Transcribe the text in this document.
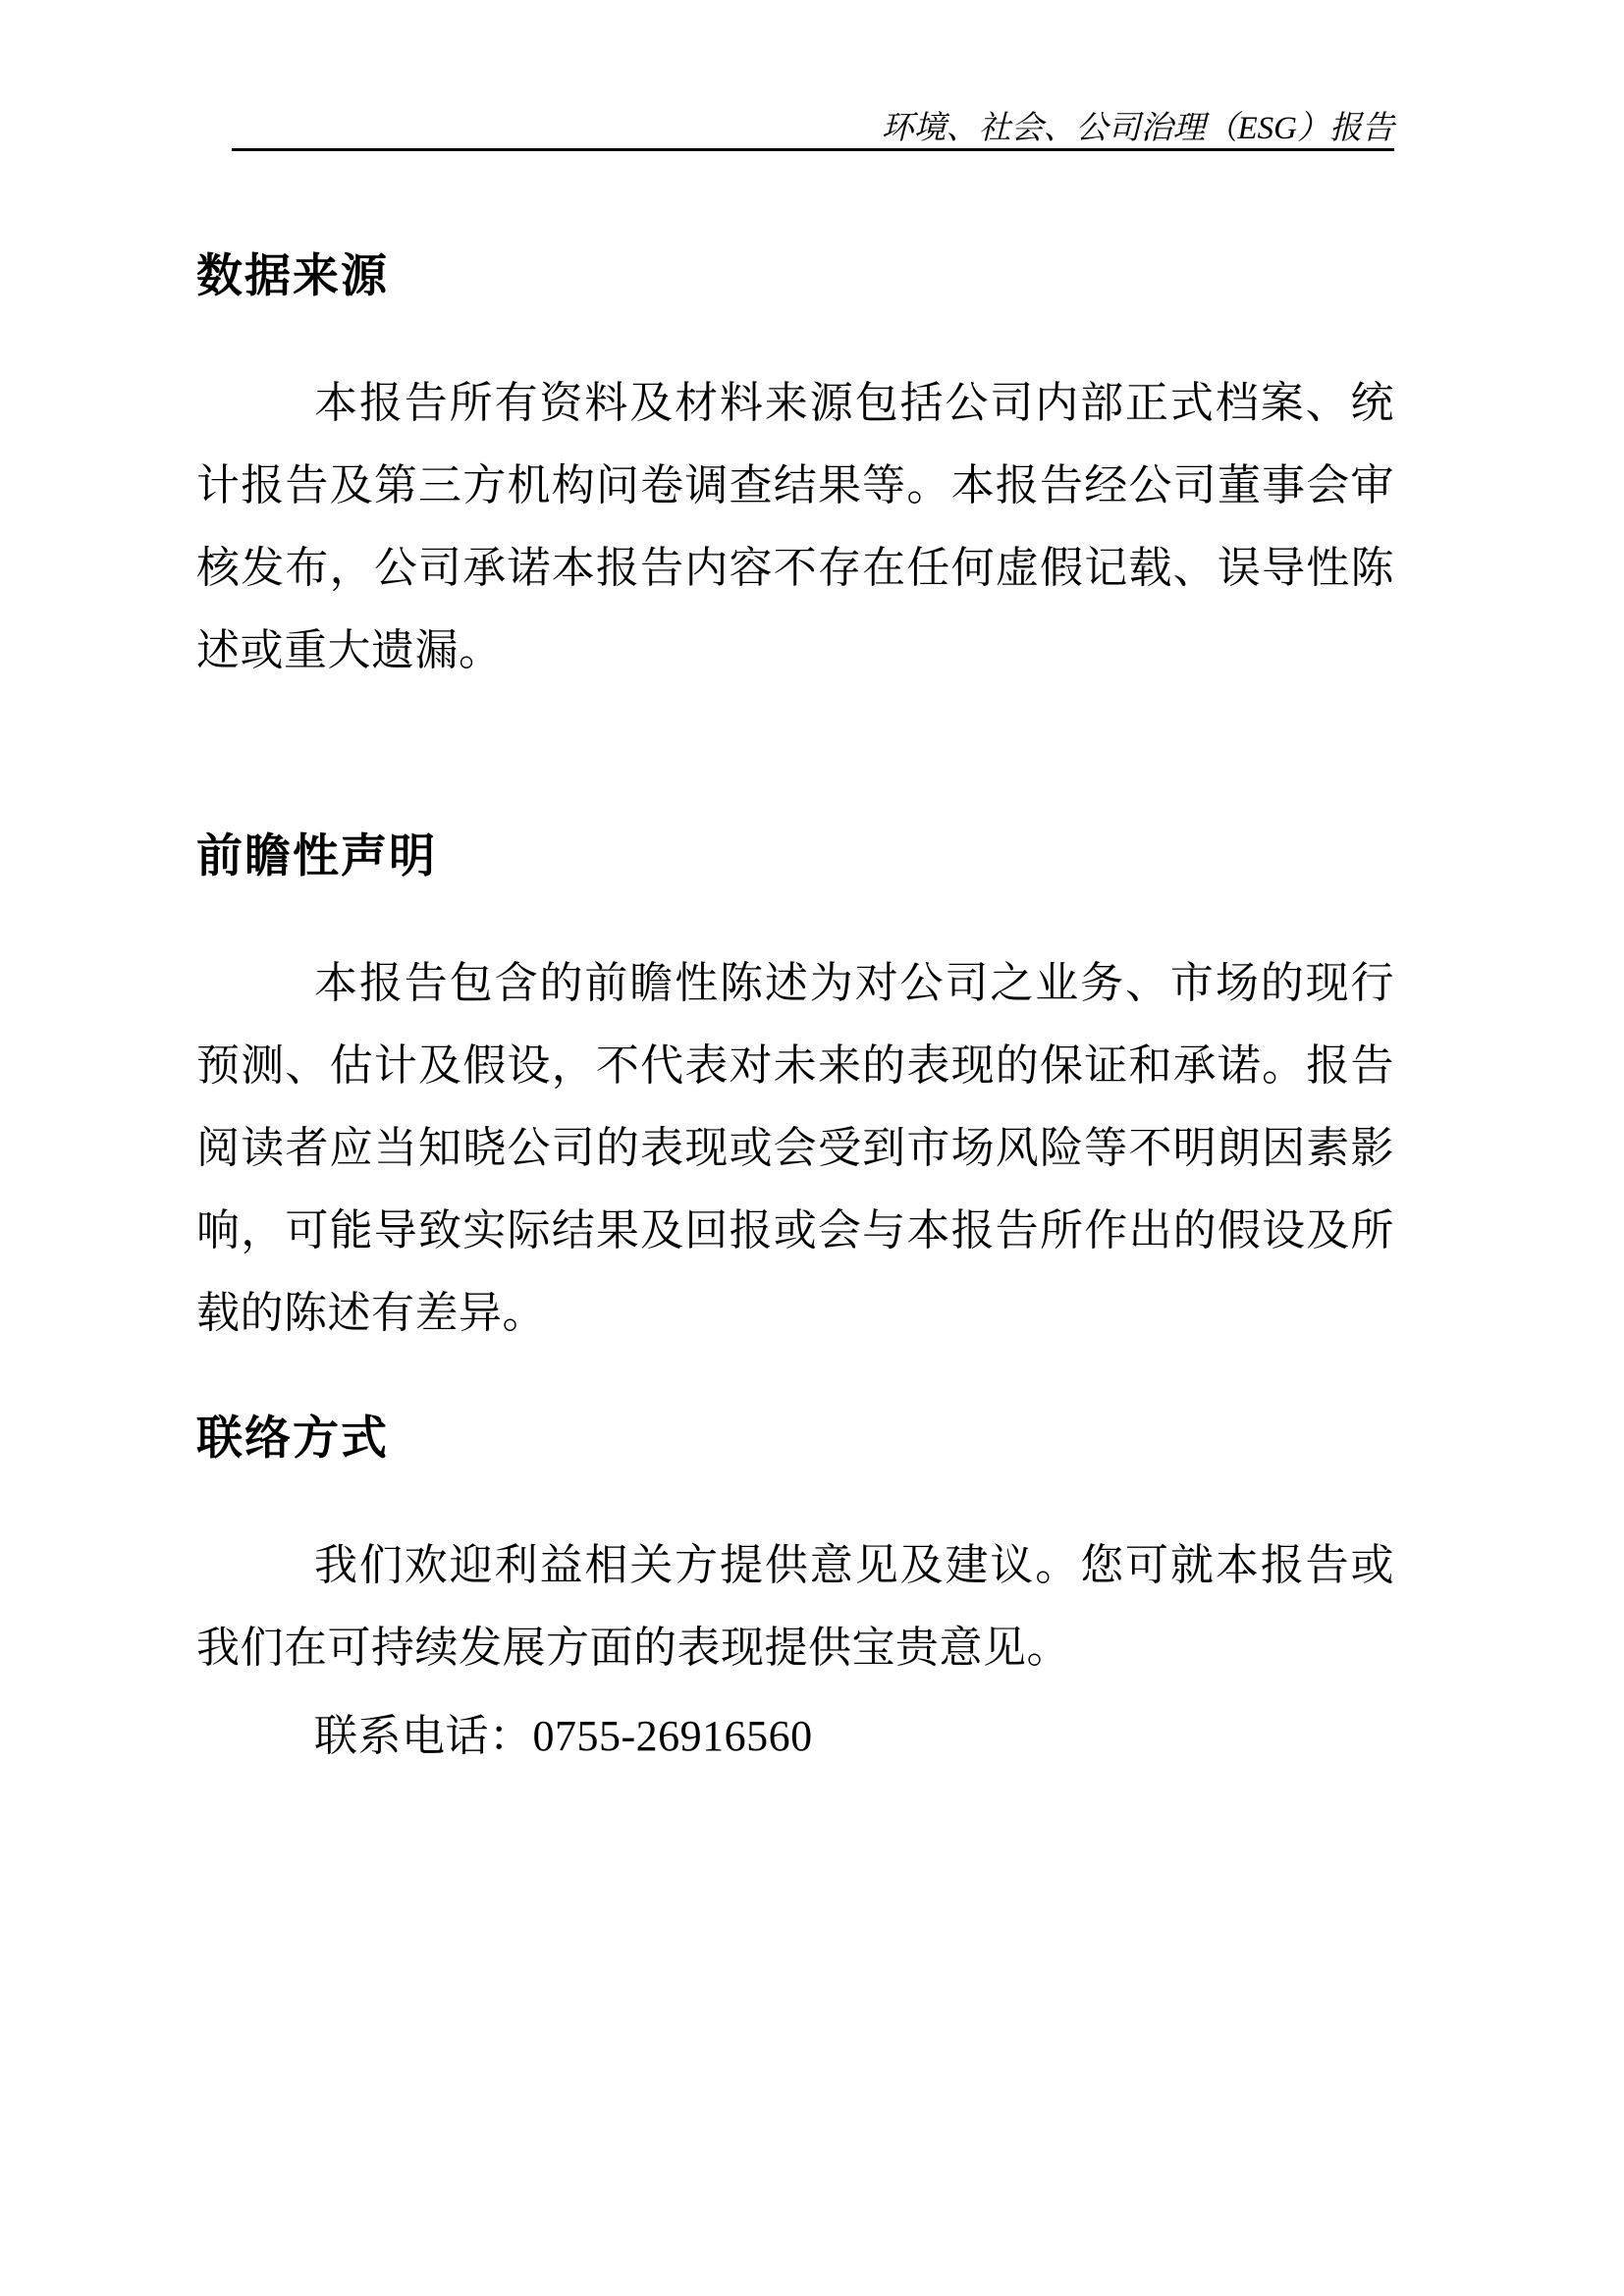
环境、社会、公司治理（ESG）报告
数据来源

本报告所有资料及材料来源包括公司内部正式档案、统计报告及第三方机构问卷调查结果等。本报告经公司董事会审核发布，公司承诺本报告内容不存在任何虚假记载、误导性陈述或重大遗漏。

前瞻性声明

本报告包含的前瞻性陈述为对公司之业务、市场的现行预测、估计及假设，不代表对未来的表现的保证和承诺。报告阅读者应当知晓公司的表现或会受到市场风险等不明朗因素影响，可能导致实际结果及回报或会与本报告所作出的假设及所载的陈述有差异。

联络方式

我们欢迎利益相关方提供意见及建议。您可就本报告或我们在可持续发展方面的表现提供宝贵意见。

联系电话：0755-26916560
